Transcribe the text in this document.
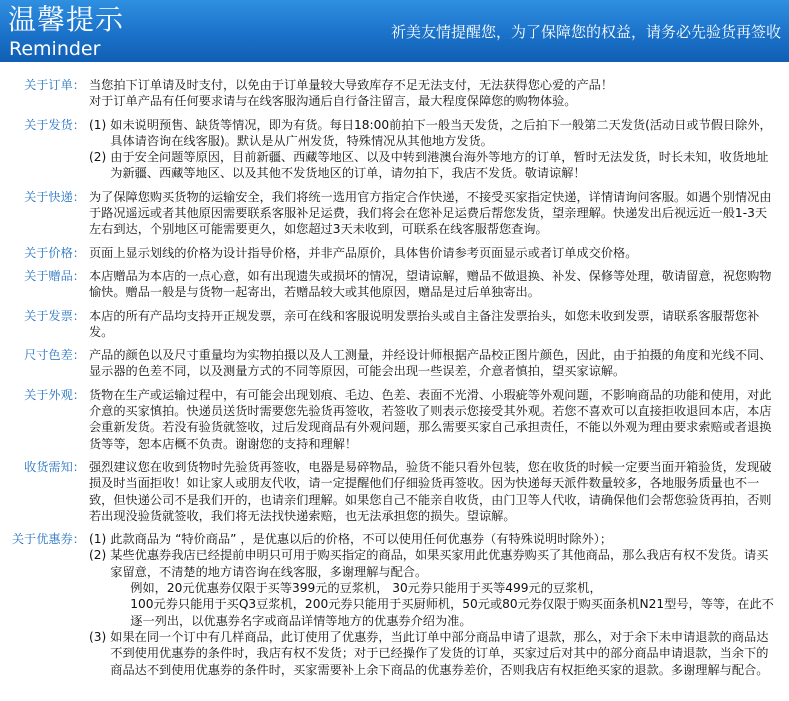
温馨提示
Reminder
祈美友情提醒您，为了保障您的权益，请务必先验货再签收
关于订单： 当您拍下订单请及时支付，以免由于订单量较大导致库存不足无法支付，无法获得您心爱的产品！
对于订单产品有任何要求请与在线客服沟通后自行备注留言，最大程度保障您的购物体验。
关于发货： (1) 如未说明预售、缺货等情况，即为有货。每日18:00前拍下一般当天发货，之后拍下一般第二天发货(活动日或节假日除外，具体请咨询在线客服)。默认是从广州发货，特殊情况从其他地方发货。
(2) 由于安全问题等原因，目前新疆、西藏等地区、以及中转到港澳台海外等地方的订单，暂时无法发货，时长未知，收货地址为新疆、西藏等地区、以及其他不发货地区的订单，请勿拍下，我店不发货。敬请谅解！
关于快递： 为了保障您购买货物的运输安全，我们将统一选用官方指定合作快递，不接受买家指定快递，详情请询问客服。如遇个别情况由于路况遥远或者其他原因需要联系客服补足运费，我们将会在您补足运费后帮您发货，望亲理解。快递发出后视远近一般1-3天左右到达，个别地区可能需要更久，如您超过3天未收到，可联系在线客服帮您查询。
关于价格： 页面上显示划线的价格为设计指导价格，并非产品原价，具体售价请参考页面显示或者订单成交价格。
关于赠品： 本店赠品为本店的一点心意，如有出现遗失或损坏的情况，望请谅解，赠品不做退换、补发、保修等处理，敬请留意，祝您购物愉快。赠品一般是与货物一起寄出，若赠品较大或其他原因，赠品是过后单独寄出。
关于发票： 本店的所有产品均支持开正规发票，亲可在线和客服说明发票抬头或自主备注发票抬头，如您未收到发票，请联系客服帮您补发。
尺寸色差： 产品的颜色以及尺寸重量均为实物拍摄以及人工测量，并经设计师根据产品校正图片颜色，因此，由于拍摄的角度和光线不同、显示器的色差不同，以及测量方式的不同等原因，可能会出现一些误差，介意者慎拍，望买家谅解。
关于外观： 货物在生产或运输过程中，有可能会出现划痕、毛边、色差、表面不光滑、小瑕疵等外观问题，不影响商品的功能和使用，对此介意的买家慎拍。快递员送货时需要您先验货再签收，若签收了则表示您接受其外观。若您不喜欢可以直接拒收退回本店，本店会重新发货。若没有验货就签收，过后发现商品有外观问题，那么需要买家自己承担责任，不能以外观为理由要求索赔或者退换货等等，恕本店概不负责。谢谢您的支持和理解！
收货需知： 强烈建议您在收到货物时先验货再签收，电器是易碎物品，验货不能只看外包装，您在收货的时候一定要当面开箱验货，发现破损及时当面拒收！如让家人或朋友代收，请一定提醒他们仔细验货再签收。因为快递每天派件数量较多，各地服务质量也不一致，但快递公司不是我们开的，也请亲们理解。如果您自己不能亲自收货，由门卫等人代收，请确保他们会帮您验货再拍，否则若出现没验货就签收，我们将无法找快递索赔，也无法承担您的损失。望谅解。
关于优惠券： (1) 此款商品为 “特价商品” ，是优惠以后的价格，不可以使用任何优惠券（有特殊说明时除外）；
(2) 某些优惠券我店已经提前申明只可用于购买指定的商品，如果买家用此优惠券购买了其他商品，那么我店有权不发货。请买家留意，不清楚的地方请咨询在线客服，多谢理解与配合。
例如，20元优惠券仅限于买等399元的豆浆机， 30元券只能用于买等499元的豆浆机，
100元券只能用于买Q3豆浆机，200元券只能用于买厨师机，50元或80元券仅限于购买面条机N21型号，等等，在此不逐一列出，以优惠券名字或商品详情等地方的优惠券介绍为准。
(3) 如果在同一个订中有几样商品，此订使用了优惠券，当此订单中部分商品申请了退款，那么，对于余下未申请退款的商品达不到使用优惠券的条件时，我店有权不发货；对于已经操作了发货的订单，买家过后对其中的部分商品申请退款，当余下的商品达不到使用优惠券的条件时，买家需要补上余下商品的优惠券差价，否则我店有权拒绝买家的退款。多谢理解与配合。
